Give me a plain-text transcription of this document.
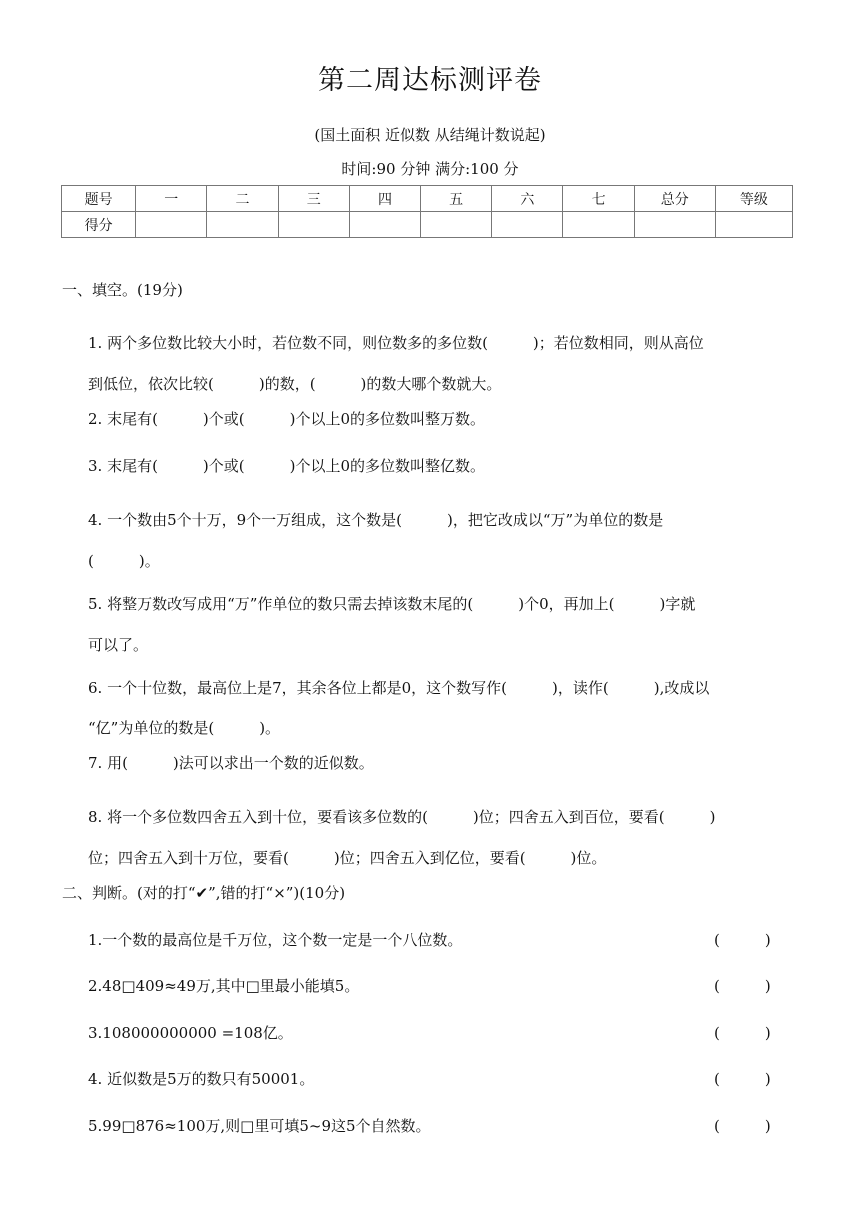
第二周达标测评卷
(国土面积 近似数 从结绳计数说起)
时间:90 分钟 满分:100 分
题号	一	二	三	四	五	六	七	总分	等级
得分									
一、填空。(19分)
1. 两个多位数比较大小时，若位数不同，则位数多的多位数(　　　)；若位数相同，则从高位
到低位，依次比较(　　　)的数，(　　　)的数大哪个数就大。
2. 末尾有(　　　)个或(　　　)个以上0的多位数叫整万数。
3. 末尾有(　　　)个或(　　　)个以上0的多位数叫整亿数。
4. 一个数由5个十万，9个一万组成，这个数是(　　　)，把它改成以“万”为单位的数是
(　　　)。
5. 将整万数改写成用“万”作单位的数只需去掉该数末尾的(　　　)个0，再加上(　　　)字就
可以了。
6. 一个十位数，最高位上是7，其余各位上都是0，这个数写作(　　　)，读作(　　　),改成以
“亿”为单位的数是(　　　)。
7. 用(　　　)法可以求出一个数的近似数。
8. 将一个多位数四舍五入到十位，要看该多位数的(　　　)位；四舍五入到百位，要看(　　　)
位；四舍五入到十万位，要看(　　　)位；四舍五入到亿位，要看(　　　)位。
二、判断。(对的打“✔”,错的打“×”)(10分)
1.一个数的最高位是千万位，这个数一定是一个八位数。	(　　　)
2.48□409≈49万,其中□里最小能填5。	(　　　)
3.108000000000 =108亿。	(　　　)
4. 近似数是5万的数只有50001。	(　　　)
5.99□876≈100万,则□里可填5~9这5个自然数。	(　　　)
